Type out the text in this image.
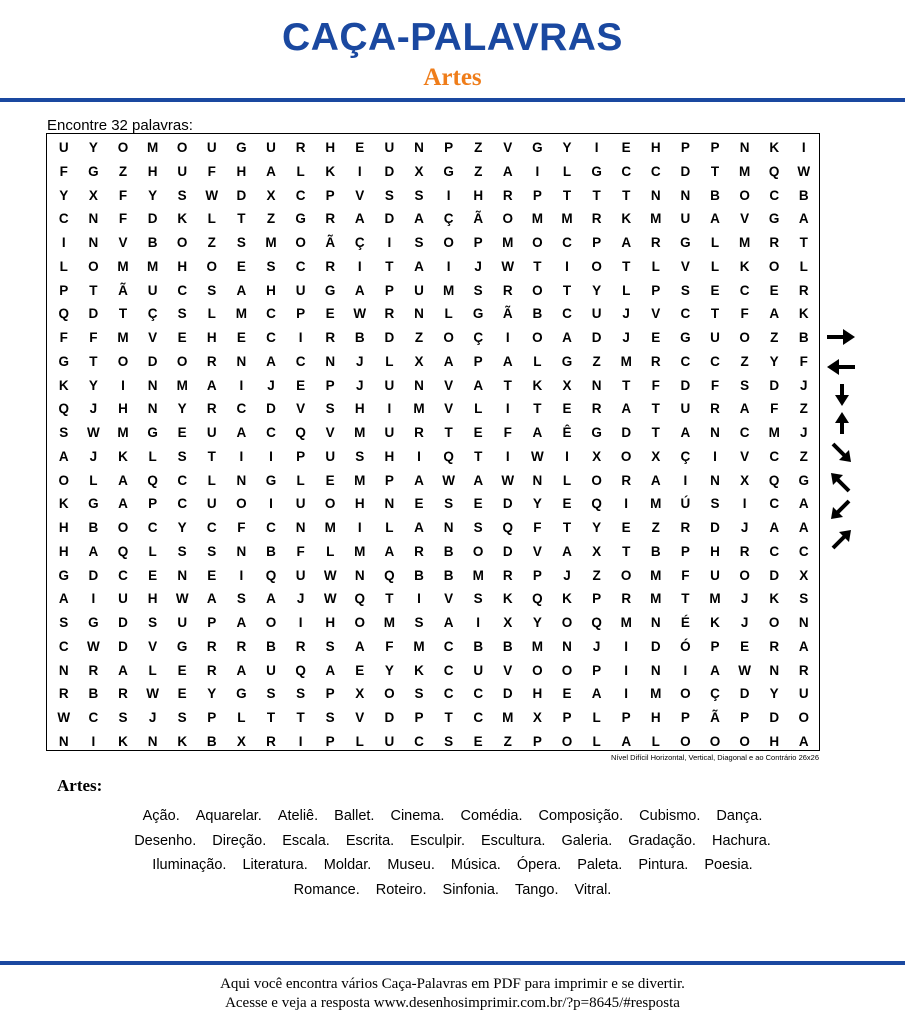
CAÇA-PALAVRAS
Artes
Encontre 32 palavras:
U	Y	O	M	O	U	G	U	R	H	E	U	N	P	Z	V	G	Y	I	E	H	P	P	N	K	I
F	G	Z	H	U	F	H	A	L	K	I	D	X	G	Z	A	I	L	G	C	C	D	T	M	Q	W
Y	X	F	Y	S	W	D	X	C	P	V	S	S	I	H	R	P	T	T	T	N	N	B	O	C	B
C	N	F	D	K	L	T	Z	G	R	A	D	A	Ç	Ã	O	M	M	R	K	M	U	A	V	G	A
I	N	V	B	O	Z	S	M	O	Ã	Ç	I	S	O	P	M	O	C	P	A	R	G	L	M	R	T
L	O	M	M	H	O	E	S	C	R	I	T	A	I	J	W	T	I	O	T	L	V	L	K	O	L
P	T	Ã	U	C	S	A	H	U	G	A	P	U	M	S	R	O	T	Y	L	P	S	E	C	E	R
Q	D	T	Ç	S	L	M	C	P	E	W	R	N	L	G	Ã	B	C	U	J	V	C	T	F	A	K
F	F	M	V	E	H	E	C	I	R	B	D	Z	O	Ç	I	O	A	D	J	E	G	U	O	Z	B
G	T	O	D	O	R	N	A	C	N	J	L	X	A	P	A	L	G	Z	M	R	C	C	Z	Y	F
K	Y	I	N	M	A	I	J	E	P	J	U	N	V	A	T	K	X	N	T	F	D	F	S	D	J
Q	J	H	N	Y	R	C	D	V	S	H	I	M	V	L	I	T	E	R	A	T	U	R	A	F	Z
S	W	M	G	E	U	A	C	Q	V	M	U	R	T	E	F	A	Ê	G	D	T	A	N	C	M	J
A	J	K	L	S	T	I	I	P	U	S	H	I	Q	T	I	W	I	X	O	X	Ç	I	V	C	Z
O	L	A	Q	C	L	N	G	L	E	M	P	A	W	A	W	N	L	O	R	A	I	N	X	Q	G
K	G	A	P	C	U	O	I	U	O	H	N	E	S	E	D	Y	E	Q	I	M	Ú	S	I	C	A
H	B	O	C	Y	C	F	C	N	M	I	L	A	N	S	Q	F	T	Y	E	Z	R	D	J	A	A
H	A	Q	L	S	S	N	B	F	L	M	A	R	B	O	D	V	A	X	T	B	P	H	R	C	C
G	D	C	E	N	E	I	Q	U	W	N	Q	B	B	M	R	P	J	Z	O	M	F	U	O	D	X
A	I	U	H	W	A	S	A	J	W	Q	T	I	V	S	K	Q	K	P	R	M	T	M	J	K	S
S	G	D	S	U	P	A	O	I	H	O	M	S	A	I	X	Y	O	Q	M	N	É	K	J	O	N
C	W	D	V	G	R	R	B	R	S	A	F	M	C	B	B	M	N	J	I	D	Ó	P	E	R	A
N	R	A	L	E	R	A	U	Q	A	E	Y	K	C	U	V	O	O	P	I	N	I	A	W	N	R
R	B	R	W	E	Y	G	S	S	P	X	O	S	C	C	D	H	E	A	I	M	O	Ç	D	Y	U
W	C	S	J	S	P	L	T	T	S	V	D	P	T	C	M	X	P	L	P	H	P	Ã	P	D	O
N	I	K	N	K	B	X	R	I	P	L	U	C	S	E	Z	P	O	L	A	L	O	O	O	H	A
Nível Difícil Horizontal, Vertical, Diagonal e ao Contrário 26x26
Artes:
Ação. Aquarelar. Ateliê. Ballet. Cinema. Comédia. Composição. Cubismo. Dança.
Desenho. Direção. Escala. Escrita. Esculpir. Escultura. Galeria. Gradação. Hachura.
Iluminação. Literatura. Moldar. Museu. Música. Ópera. Paleta. Pintura. Poesia.
Romance. Roteiro. Sinfonia. Tango. Vitral.
Aqui você encontra vários Caça-Palavras em PDF para imprimir e se divertir.
Acesse e veja a resposta www.desenhosimprimir.com.br/?p=8645/#resposta
